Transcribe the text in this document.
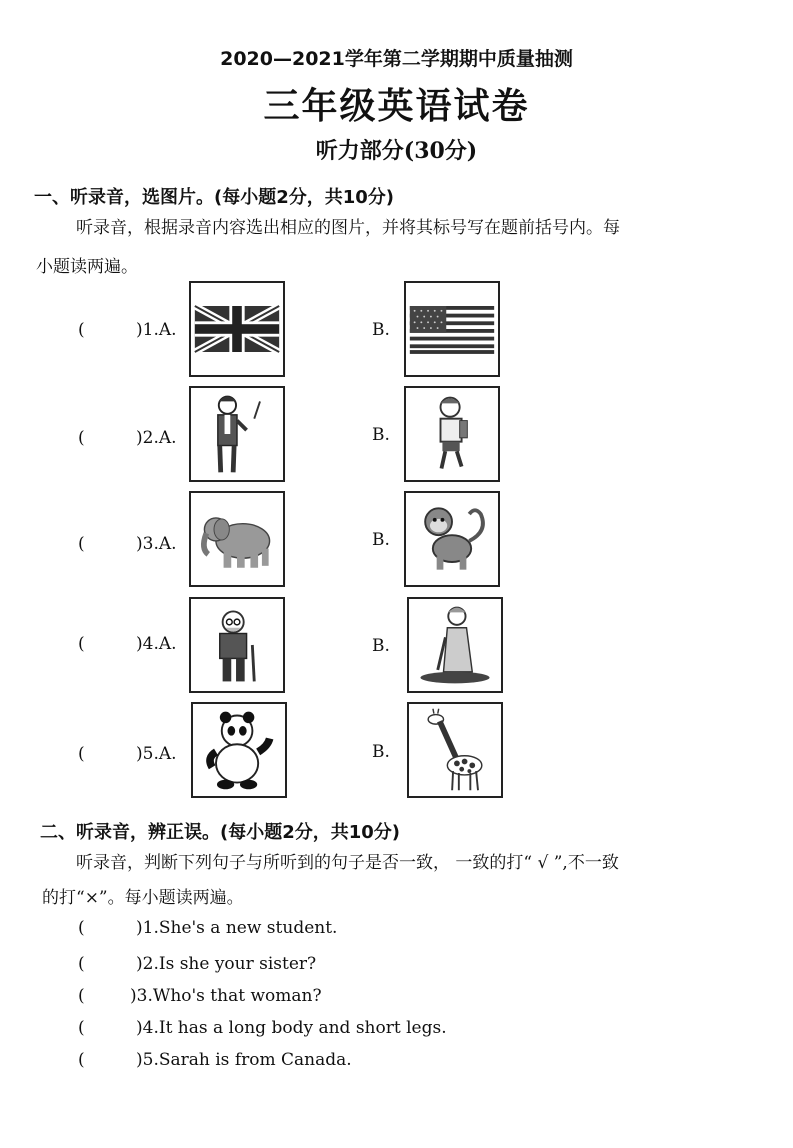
2020—2021学年第二学期期中质量抽测
三年级英语试卷
听力部分(30分)
一、听录音，选图片。(每小题2分，共10分)
听录音，根据录音内容选出相应的图片，并将其标号写在题前括号内。每
小题读两遍。
(	)1.A.	B.
(	)2.A.	B.
(	)3.A.	B.
(	)4.A.	B.
(	)5.A.	B.
二、听录音，辨正误。(每小题2分，共10分)
听录音，判断下列句子与所听到的句子是否一致， 一致的打“ √ ”,不一致
的打“×”。每小题读两遍。
(	)1.She's a new student.
(	)2.Is she your sister?
(	)3.Who's that woman?
(	)4.It has a long body and short legs.
(	)5.Sarah is from Canada.
